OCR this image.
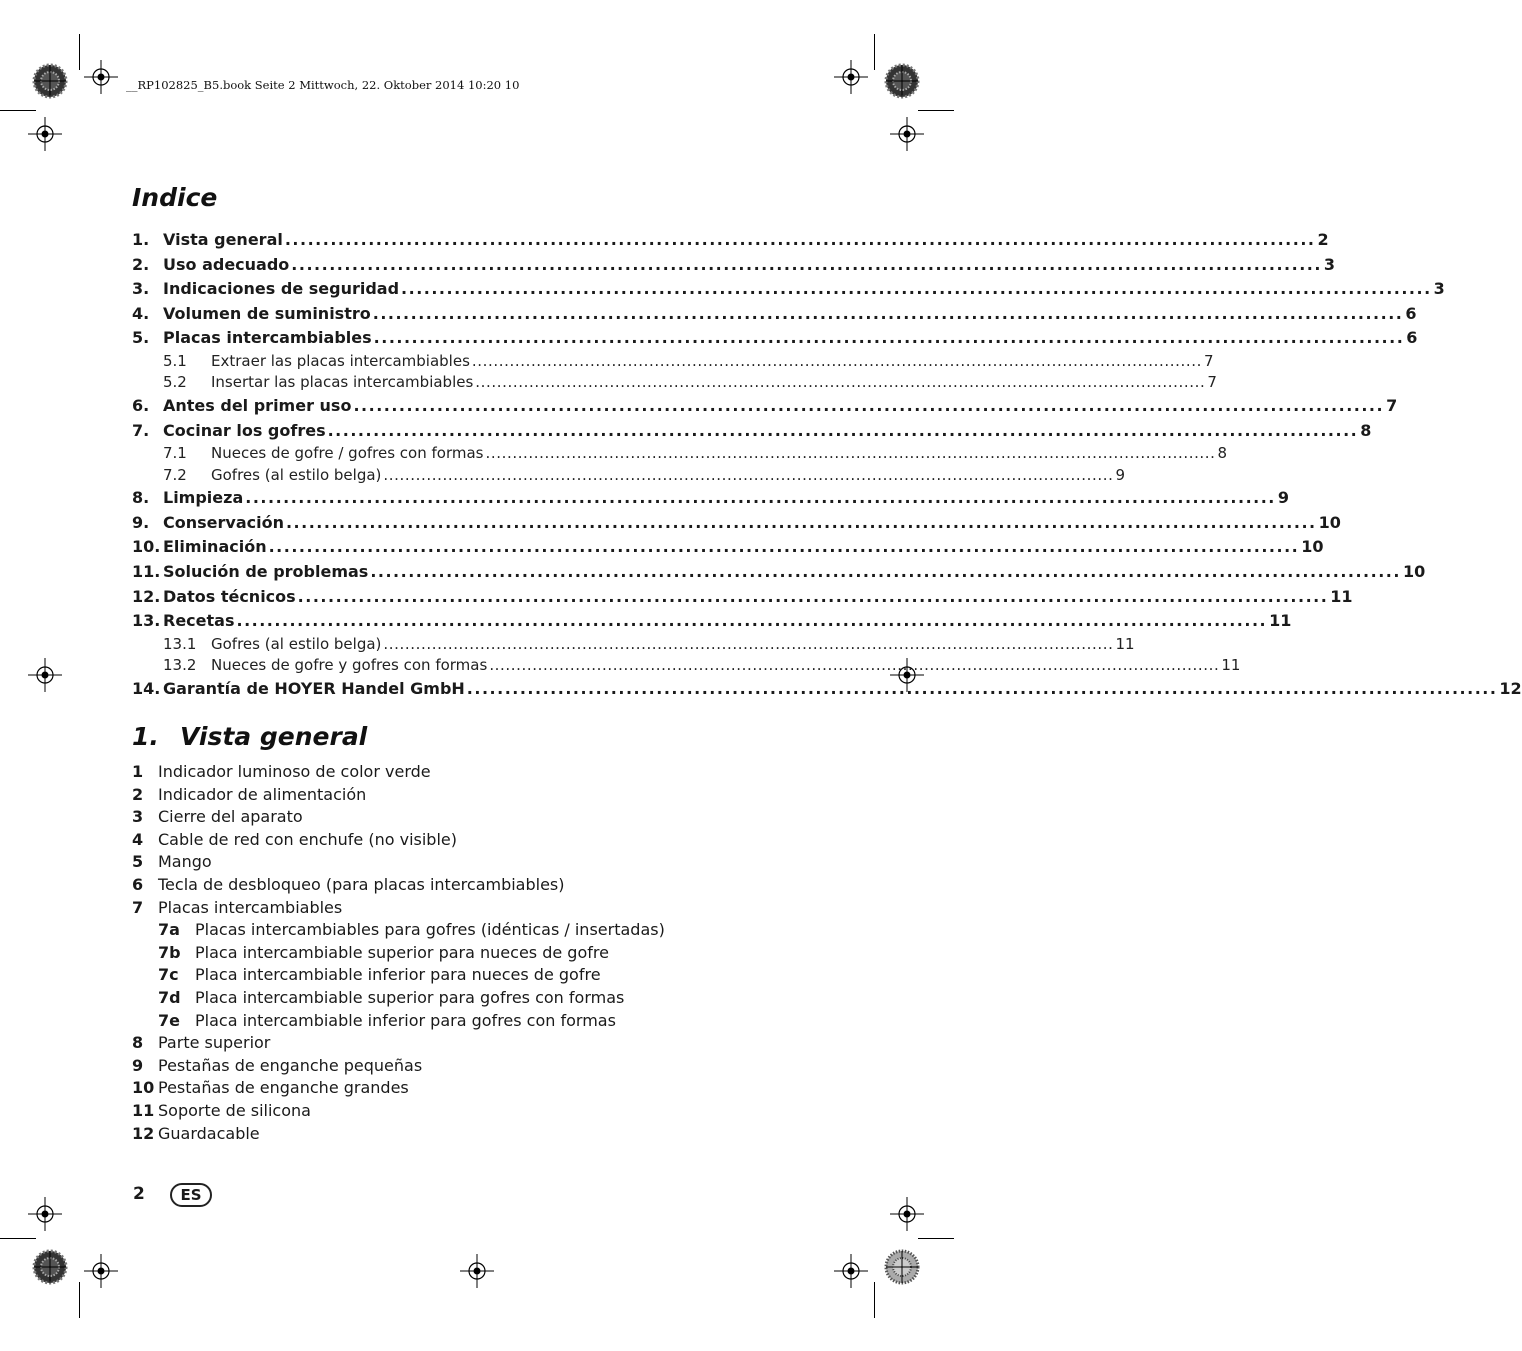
__RP102825_B5.book Seite 2 Mittwoch, 22. Oktober 2014 10:20 10
Indice
1. Vista general ........................................................................................................................................ 2
2. Uso adecuado ........................................................................................................................................ 3
3. Indicaciones de seguridad ........................................................................................................................................ 3
4. Volumen de suministro ........................................................................................................................................ 6
5. Placas intercambiables ........................................................................................................................................ 6
5.1	Extraer las placas intercambiables ........................................................................................................................................ 7
5.2	Insertar las placas intercambiables ........................................................................................................................................ 7
6. Antes del primer uso ........................................................................................................................................ 7
7. Cocinar los gofres ........................................................................................................................................ 8
7.1	Nueces de gofre / gofres con formas ........................................................................................................................................ 8
7.2	Gofres (al estilo belga) ........................................................................................................................................ 9
8. Limpieza ........................................................................................................................................ 9
9. Conservación ........................................................................................................................................ 10
10. Eliminación ........................................................................................................................................ 10
11. Solución de problemas ........................................................................................................................................ 10
12. Datos técnicos ........................................................................................................................................ 11
13. Recetas ........................................................................................................................................ 11
13.1 Gofres (al estilo belga) ........................................................................................................................................ 11
13.2 Nueces de gofre y gofres con formas ........................................................................................................................................ 11
14. Garantía de HOYER Handel GmbH ........................................................................................................................................ 12
1. Vista general
1 Indicador luminoso de color verde
2 Indicador de alimentación
3 Cierre del aparato
4 Cable de red con enchufe (no visible)
5 Mango
6 Tecla de desbloqueo (para placas intercambiables)
7 Placas intercambiables
7a Placas intercambiables para gofres (idénticas / insertadas)
7b Placa intercambiable superior para nueces de gofre
7c	Placa intercambiable inferior para nueces de gofre
7d Placa intercambiable superior para gofres con formas
7e Placa intercambiable inferior para gofres con formas
8 Parte superior
9 Pestañas de enganche pequeñas
10 Pestañas de enganche grandes
11 Soporte de silicona
12 Guardacable
2	ES
